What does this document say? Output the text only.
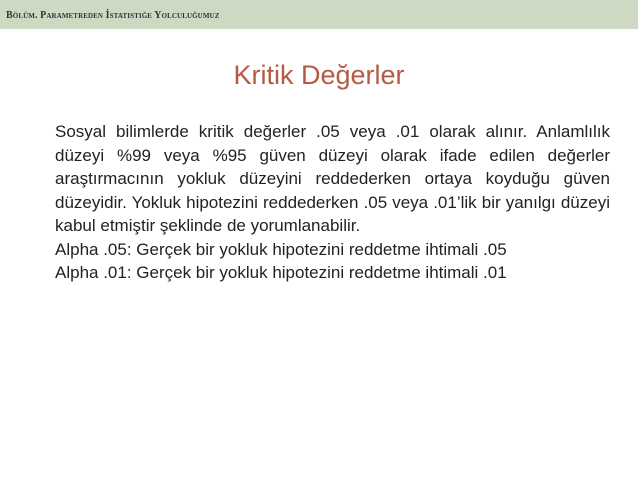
Bölüm. Parametreden İstatistiğe Yolculuğumuz
Kritik Değerler

Sosyal bilimlerde kritik değerler .05 veya .01 olarak alınır. Anlamlılık düzeyi %99 veya %95 güven düzeyi olarak ifade edilen değerler araştırmacının yokluk düzeyini reddederken ortaya koyduğu güven düzeyidir. Yokluk hipotezini reddederken .05 veya .01’lik bir yanılgı düzeyi kabul etmiştir şeklinde de yorumlanabilir.

Alpha .05: Gerçek bir yokluk hipotezini reddetme ihtimali .05

Alpha .01: Gerçek bir yokluk hipotezini reddetme ihtimali .01
